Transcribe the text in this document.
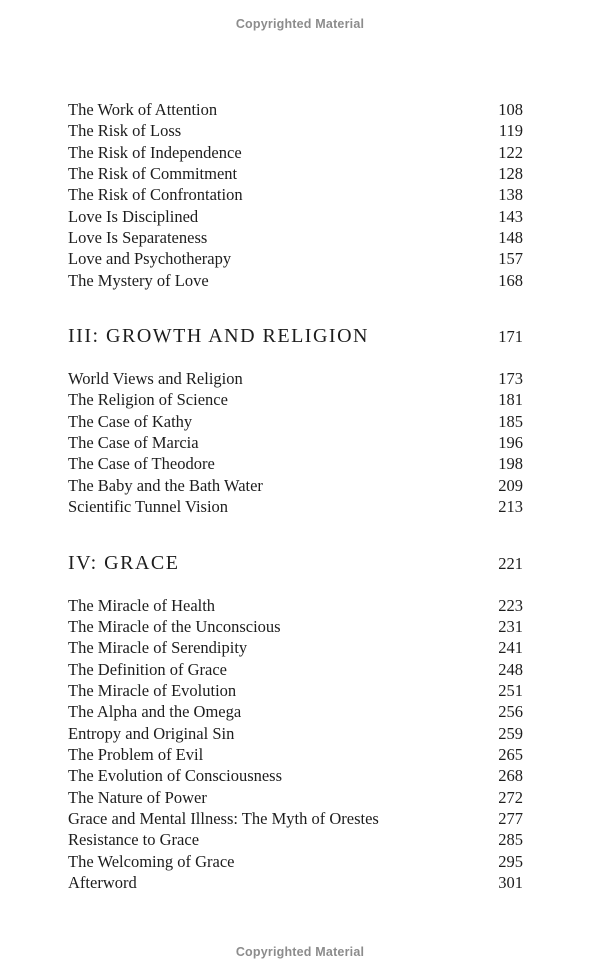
Copyrighted Material
The Work of Attention	108
The Risk of Loss	119
The Risk of Independence	122
The Risk of Commitment	128
The Risk of Confrontation	138
Love Is Disciplined	143
Love Is Separateness	148
Love and Psychotherapy	157
The Mystery of Love	168
III: GROWTH AND RELIGION	171
World Views and Religion	173
The Religion of Science	181
The Case of Kathy	185
The Case of Marcia	196
The Case of Theodore	198
The Baby and the Bath Water	209
Scientific Tunnel Vision	213
IV: GRACE	221
The Miracle of Health	223
The Miracle of the Unconscious	231
The Miracle of Serendipity	241
The Definition of Grace	248
The Miracle of Evolution	251
The Alpha and the Omega	256
Entropy and Original Sin	259
The Problem of Evil	265
The Evolution of Consciousness	268
The Nature of Power	272
Grace and Mental Illness: The Myth of Orestes	277
Resistance to Grace	285
The Welcoming of Grace	295
Afterword	301
Copyrighted Material
